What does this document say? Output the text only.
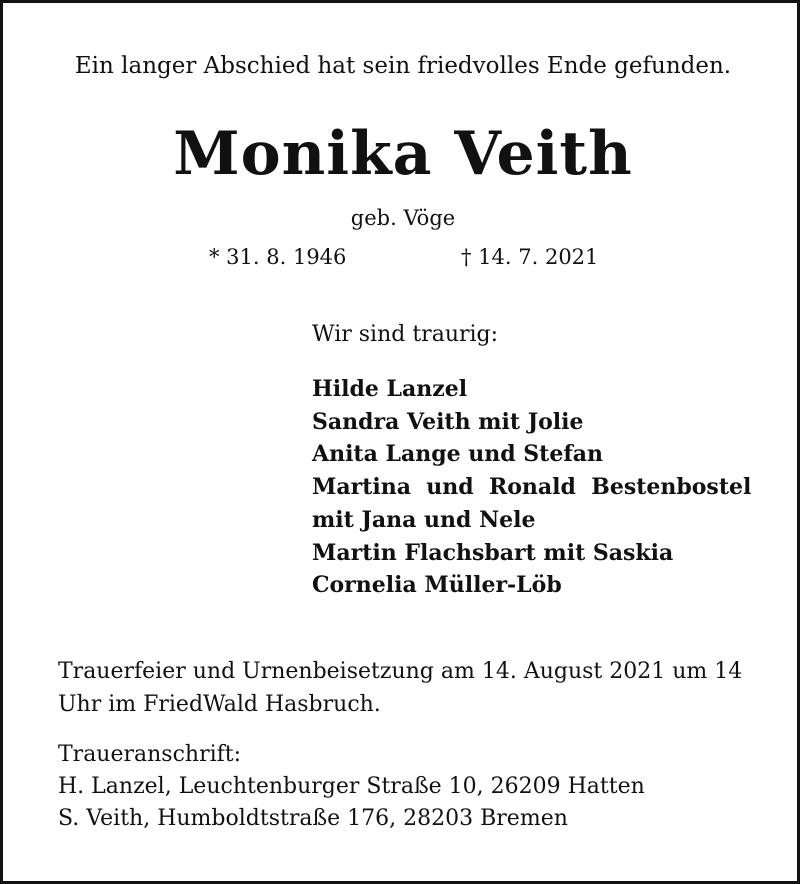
Ein langer Abschied hat sein friedvolles Ende gefunden.
Monika Veith
geb. Vöge
* 31. 8. 1946	† 14. 7. 2021
Wir sind traurig:
Hilde Lanzel
Sandra Veith mit Jolie
Anita Lange und Stefan
Martina  und  Ronald  Bestenbostel
mit Jana und Nele
Martin Flachsbart mit Saskia
Cornelia Müller-Löb
Trauerfeier und Urnenbeisetzung am 14. August 2021 um 14 Uhr im FriedWald Hasbruch.
Traueranschrift:
H. Lanzel, Leuchtenburger Straße 10, 26209 Hatten
S. Veith, Humboldtstraße 176, 28203 Bremen
